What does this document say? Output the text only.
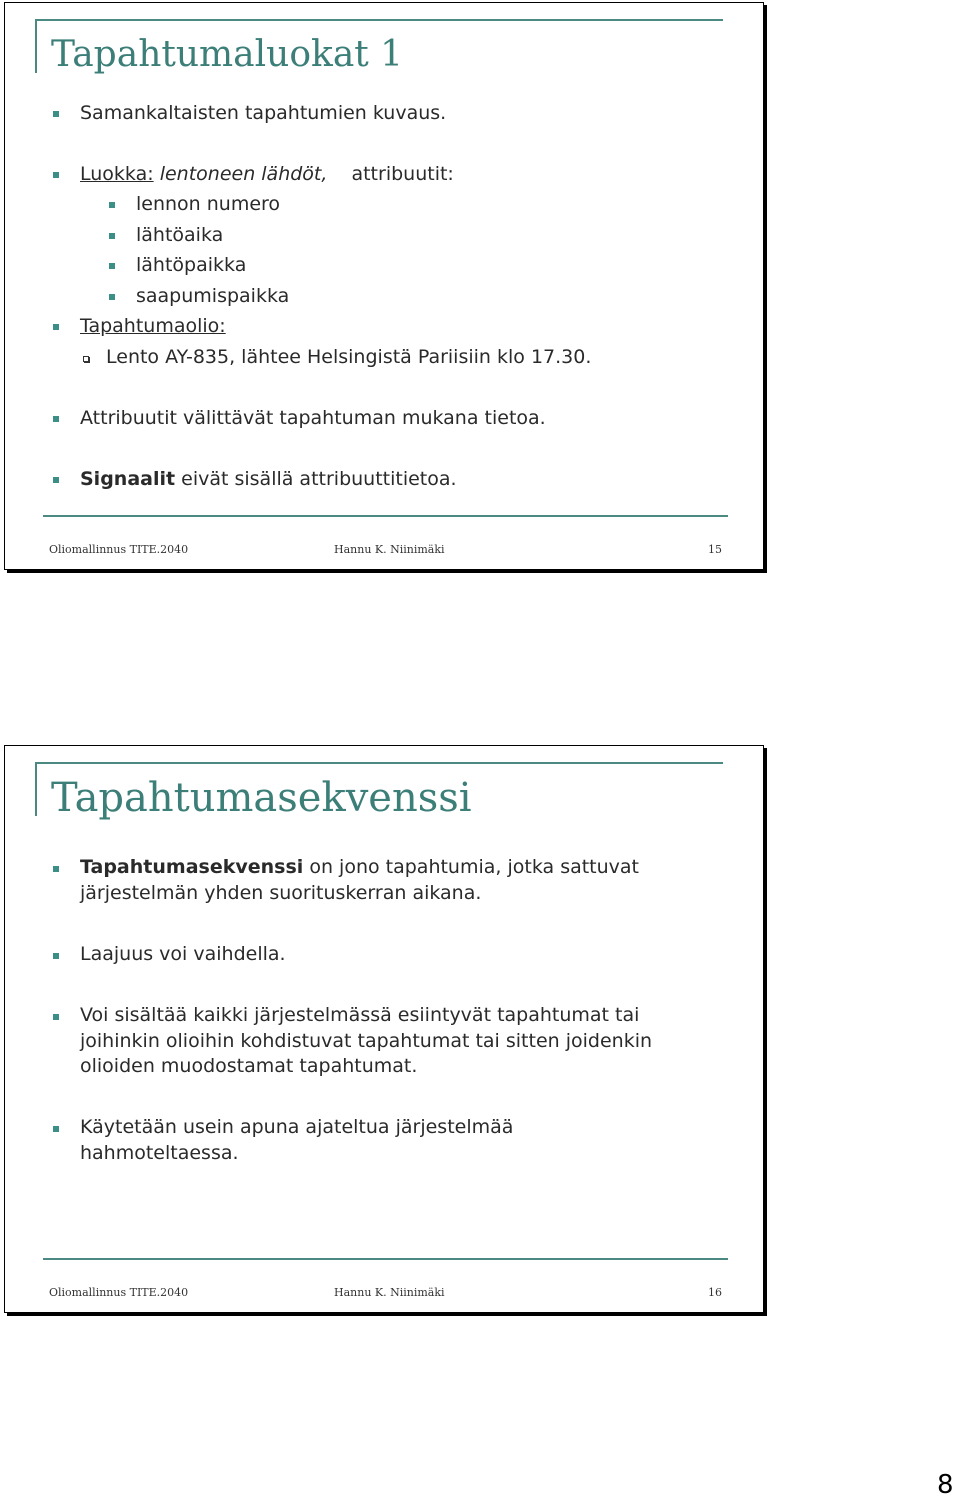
Tapahtumaluokat 1
Samankaltaisten tapahtumien kuvaus.
Luokka: lentoneen lähdöt, attribuutit:
lennon numero
lähtöaika
lähtöpaikka
saapumispaikka
Tapahtumaolio:
Lento AY-835, lähtee Helsingistä Pariisiin klo 17.30.
Attribuutit välittävät tapahtuman mukana tietoa.
Signaalit eivät sisällä attribuuttitietoa.
Oliomallinnus TITE.2040	Hannu K. Niinimäki	15
Tapahtumasekvenssi
Tapahtumasekvenssi on jono tapahtumia, jotka sattuvat
järjestelmän yhden suorituskerran aikana.
Laajuus voi vaihdella.
Voi sisältää kaikki järjestelmässä esiintyvät tapahtumat tai
joihinkin olioihin kohdistuvat tapahtumat tai sitten joidenkin
olioiden muodostamat tapahtumat.
Käytetään usein apuna ajateltua järjestelmää
hahmoteltaessa.
Oliomallinnus TITE.2040	Hannu K. Niinimäki	16
8
